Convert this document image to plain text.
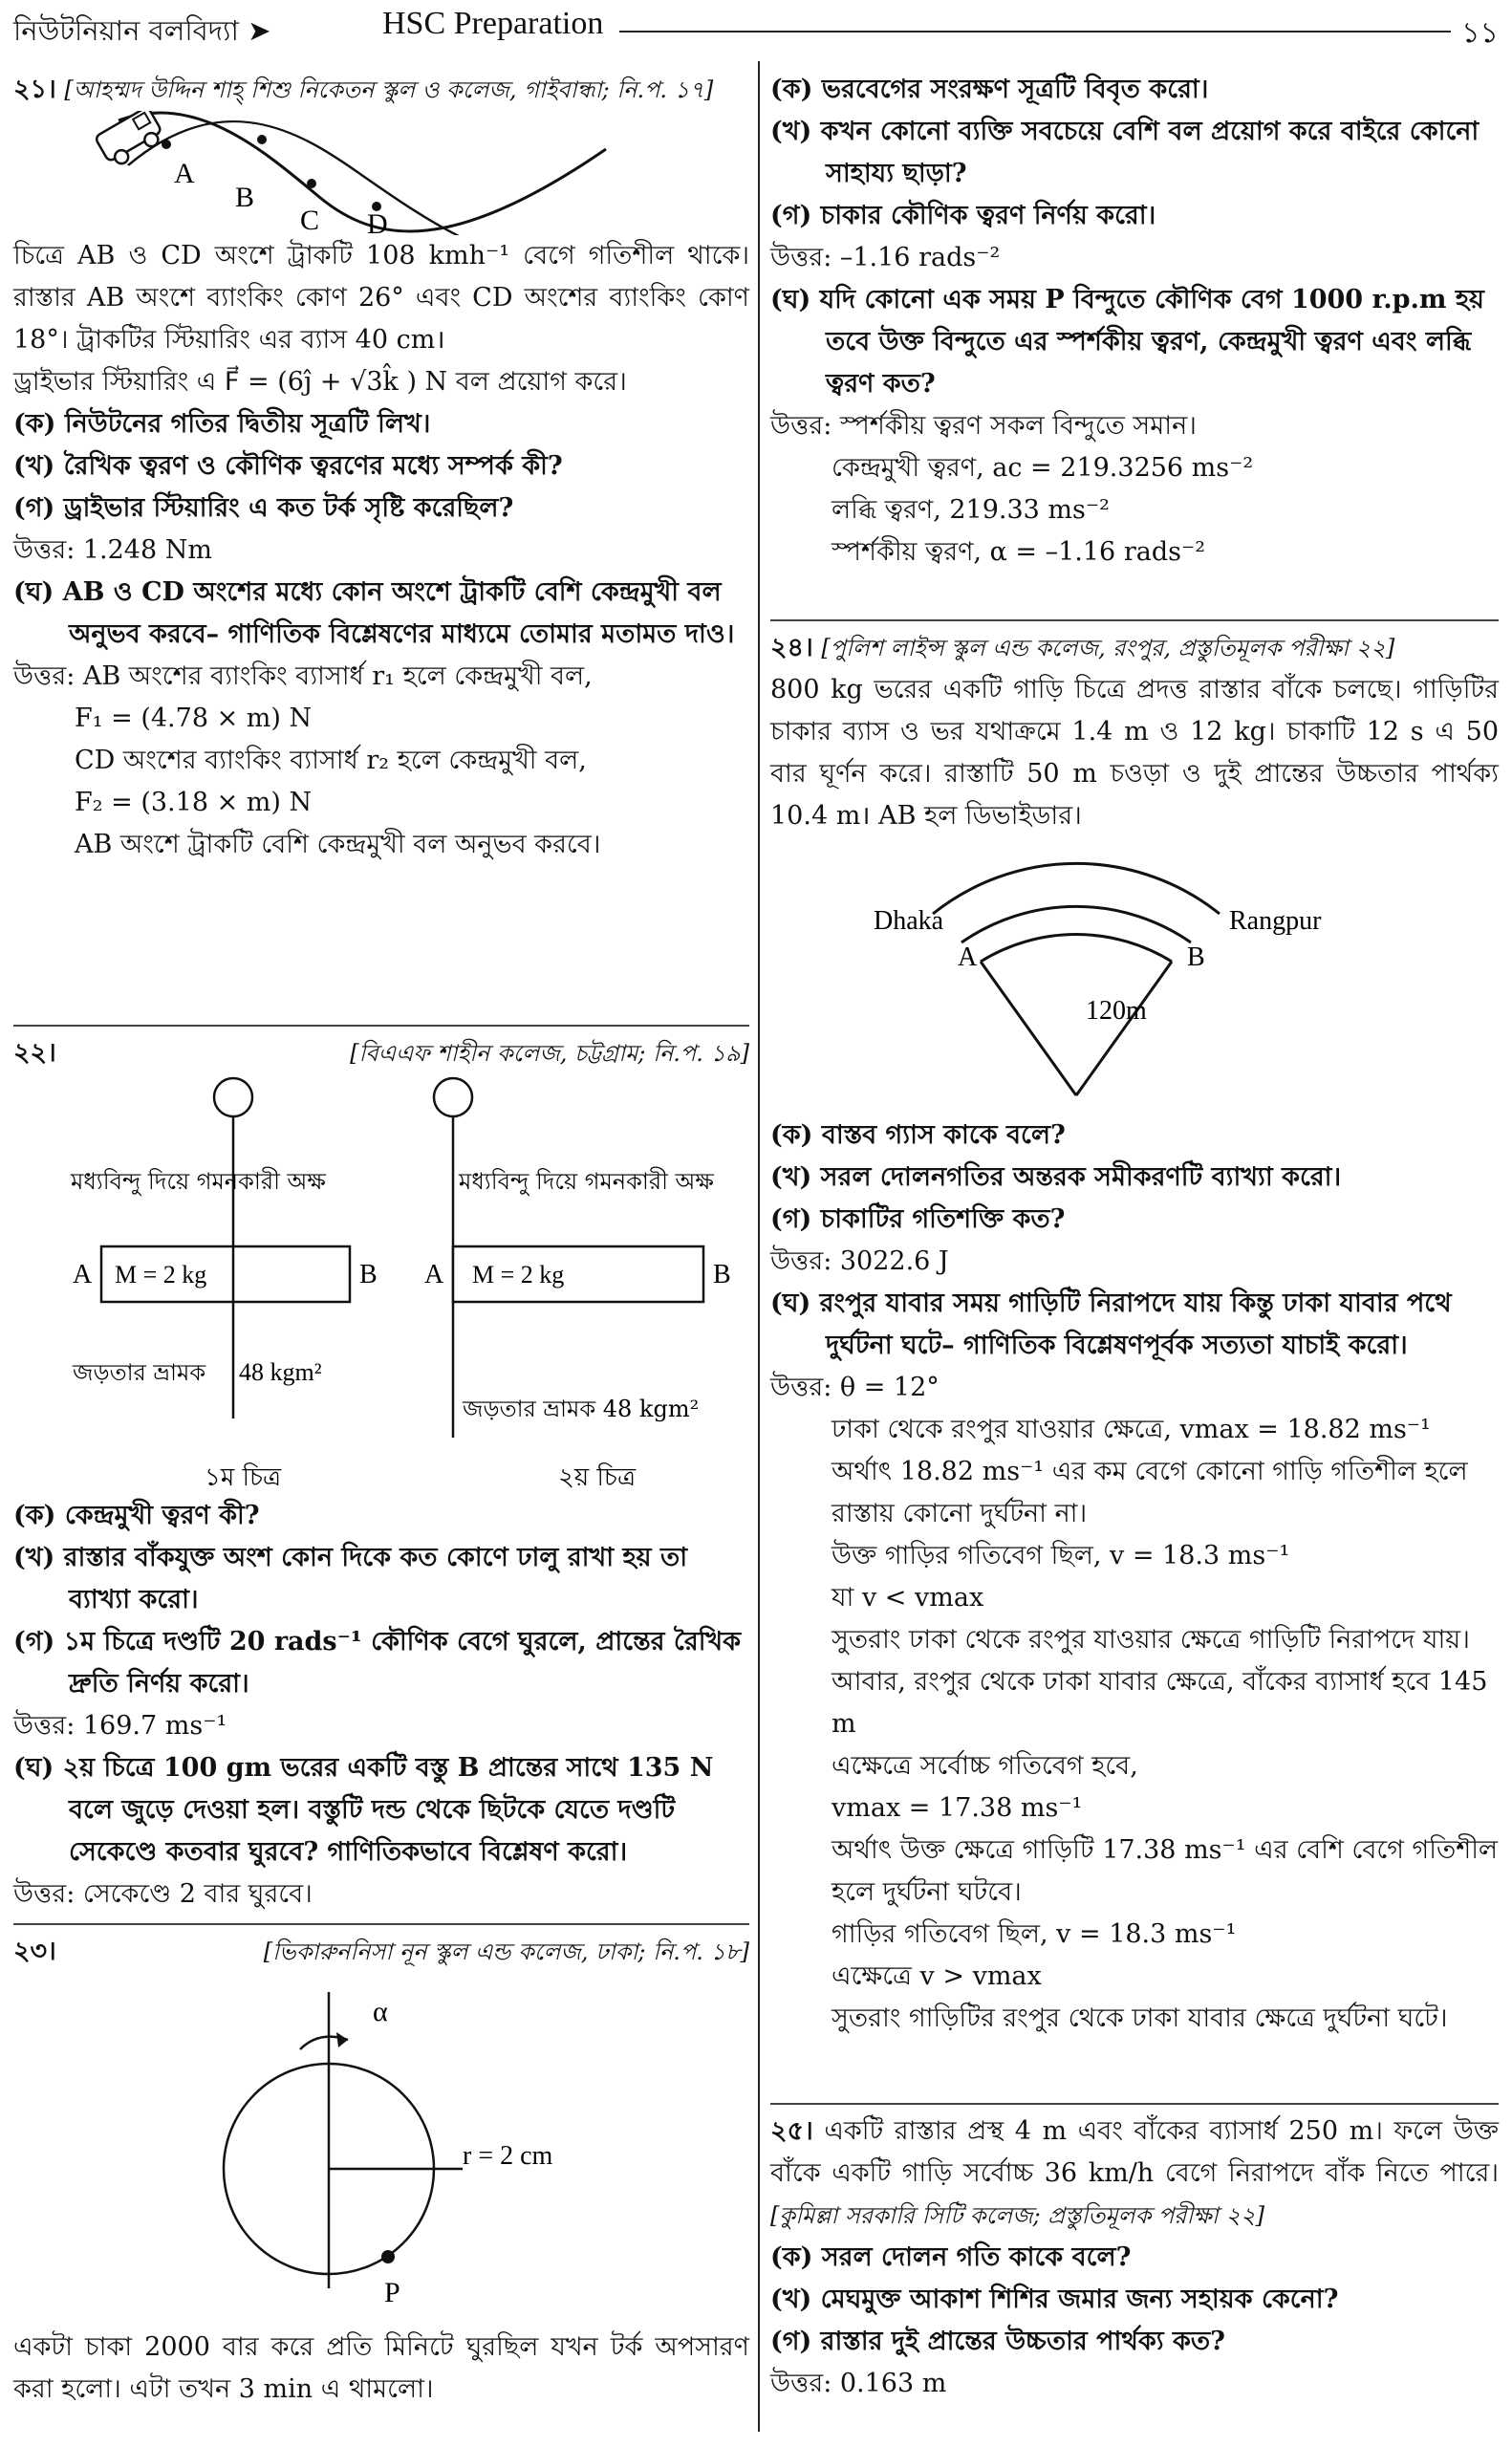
নিউটনিয়ান বলবিদ্যা ➤	HSC Preparation	১১

২১। [আহম্মদ উদ্দিন শাহ্ শিশু নিকেতন স্কুল ও কলেজ, গাইবান্ধা; নি.প. ১৭]

A
B
C D

চিত্রে AB ও CD অংশে ট্রাকটি 108 kmh⁻¹ বেগে গতিশীল থাকে। রাস্তার AB অংশে ব্যাংকিং কোণ 26° এবং CD অংশের ব্যাংকিং কোণ 18°। ট্রাকটির স্টিয়ারিং এর ব্যাস 40 cm।

ড্রাইভার স্টিয়ারিং এ F⃗ = (6ĵ + √3k̂ ) N বল প্রয়োগ করে।

(ক) নিউটনের গতির দ্বিতীয় সূত্রটি লিখ।

(খ) রৈখিক ত্বরণ ও কৌণিক ত্বরণের মধ্যে সম্পর্ক কী?

(গ) ড্রাইভার স্টিয়ারিং এ কত টর্ক সৃষ্টি করেছিল?

উত্তর: 1.248 Nm

(ঘ) AB ও CD অংশের মধ্যে কোন অংশে ট্রাকটি বেশি কেন্দ্রমুখী বল অনুভব করবে– গাণিতিক বিশ্লেষণের মাধ্যমে তোমার মতামত দাও।

উত্তর: AB অংশের ব্যাংকিং ব্যাসার্ধ r₁ হলে কেন্দ্রমুখী বল,

F₁ = (4.78 × m) N

CD অংশের ব্যাংকিং ব্যাসার্ধ r₂ হলে কেন্দ্রমুখী বল,

F₂ = (3.18 × m) N

AB অংশে ট্রাকটি বেশি কেন্দ্রমুখী বল অনুভব করবে।

২২।	[বিএএফ শাহীন কলেজ, চট্টগ্রাম; নি.প. ১৯]

মধ্যবিন্দু দিয়ে গমনকারী অক্ষ
A M = 2 kg	B
জড়তার ভ্রামক 48 kgm²
১ম চিত্র
মধ্যবিন্দু দিয়ে গমনকারী অক্ষ
A M = 2 kg	B
জড়তার ভ্রামক 48 kgm²
২য় চিত্র

(ক) কেন্দ্রমুখী ত্বরণ কী?

(খ) রাস্তার বাঁকযুক্ত অংশ কোন দিকে কত কোণে ঢালু রাখা হয় তা ব্যাখ্যা করো।

(গ) ১ম চিত্রে দণ্ডটি 20 rads⁻¹ কৌণিক বেগে ঘুরলে, প্রান্তের রৈখিক দ্রুতি নির্ণয় করো।

উত্তর: 169.7 ms⁻¹

(ঘ) ২য় চিত্রে 100 gm ভরের একটি বস্তু B প্রান্তের সাথে 135 N বলে জুড়ে দেওয়া হল। বস্তুটি দন্ড থেকে ছিটকে যেতে দণ্ডটি সেকেণ্ডে কতবার ঘুরবে? গাণিতিকভাবে বিশ্লেষণ করো।

উত্তর: সেকেণ্ডে 2 বার ঘুরবে।

২৩।	[ভিকারুননিসা নূন স্কুল এন্ড কলেজ, ঢাকা; নি.প. ১৮]

α
r = 2 cm
P

একটা চাকা 2000 বার করে প্রতি মিনিটে ঘুরছিল যখন টর্ক অপসারণ করা হলো। এটা তখন 3 min এ থামলো।

(ক) ভরবেগের সংরক্ষণ সূত্রটি বিবৃত করো।

(খ) কখন কোনো ব্যক্তি সবচেয়ে বেশি বল প্রয়োগ করে বাইরে কোনো সাহায্য ছাড়া?

(গ) চাকার কৌণিক ত্বরণ নির্ণয় করো।

উত্তর: –1.16 rads⁻²

(ঘ) যদি কোনো এক সময় P বিন্দুতে কৌণিক বেগ 1000 r.p.m হয় তবে উক্ত বিন্দুতে এর স্পর্শকীয় ত্বরণ, কেন্দ্রমুখী ত্বরণ এবং লব্ধি ত্বরণ কত?

উত্তর: স্পর্শকীয় ত্বরণ সকল বিন্দুতে সমান।

কেন্দ্রমুখী ত্বরণ, ac = 219.3256 ms⁻²

লব্ধি ত্বরণ, 219.33 ms⁻²

স্পর্শকীয় ত্বরণ, α = –1.16 rads⁻²

২৪। [পুলিশ লাইন্স স্কুল এন্ড কলেজ, রংপুর, প্রস্তুতিমূলক পরীক্ষা ২২]

800 kg ভরের একটি গাড়ি চিত্রে প্রদত্ত রাস্তার বাঁকে চলছে। গাড়িটির চাকার ব্যাস ও ভর যথাক্রমে 1.4 m ও 12 kg। চাকাটি 12 s এ 50 বার ঘূর্ণন করে। রাস্তাটি 50 m চওড়া ও দুই প্রান্তের উচ্চতার পার্থক্য 10.4 m। AB হল ডিভাইডার।

Dhaka
A
Rangpur
B
120m

(ক) বাস্তব গ্যাস কাকে বলে?

(খ) সরল দোলনগতির অন্তরক সমীকরণটি ব্যাখ্যা করো।

(গ) চাকাটির গতিশক্তি কত?

উত্তর: 3022.6 J

(ঘ) রংপুর যাবার সময় গাড়িটি নিরাপদে যায় কিন্তু ঢাকা যাবার পথে দুর্ঘটনা ঘটে– গাণিতিক বিশ্লেষণপূর্বক সত্যতা যাচাই করো।

উত্তর: θ = 12°

ঢাকা থেকে রংপুর যাওয়ার ক্ষেত্রে, vmax = 18.82 ms⁻¹

অর্থাৎ 18.82 ms⁻¹ এর কম বেগে কোনো গাড়ি গতিশীল হলে রাস্তায় কোনো দুর্ঘটনা না।

উক্ত গাড়ির গতিবেগ ছিল, v = 18.3 ms⁻¹

যা v < vmax

সুতরাং ঢাকা থেকে রংপুর যাওয়ার ক্ষেত্রে গাড়িটি নিরাপদে যায়।

আবার, রংপুর থেকে ঢাকা যাবার ক্ষেত্রে, বাঁকের ব্যাসার্ধ হবে 145 m

এক্ষেত্রে সর্বোচ্চ গতিবেগ হবে,

vmax = 17.38 ms⁻¹

অর্থাৎ উক্ত ক্ষেত্রে গাড়িটি 17.38 ms⁻¹ এর বেশি বেগে গতিশীল হলে দুর্ঘটনা ঘটবে।

গাড়ির গতিবেগ ছিল, v = 18.3 ms⁻¹

এক্ষেত্রে v > vmax

সুতরাং গাড়িটির রংপুর থেকে ঢাকা যাবার ক্ষেত্রে দুর্ঘটনা ঘটে।

২৫। একটি রাস্তার প্রস্থ 4 m এবং বাঁকের ব্যাসার্ধ 250 m। ফলে উক্ত বাঁকে একটি গাড়ি সর্বোচ্চ 36 km/h বেগে নিরাপদে বাঁক নিতে পারে। [কুমিল্লা সরকারি সিটি কলেজ; প্রস্তুতিমূলক পরীক্ষা ২২]

(ক) সরল দোলন গতি কাকে বলে?

(খ) মেঘমুক্ত আকাশ শিশির জমার জন্য সহায়ক কেনো?

(গ) রাস্তার দুই প্রান্তের উচ্চতার পার্থক্য কত?

উত্তর: 0.163 m
